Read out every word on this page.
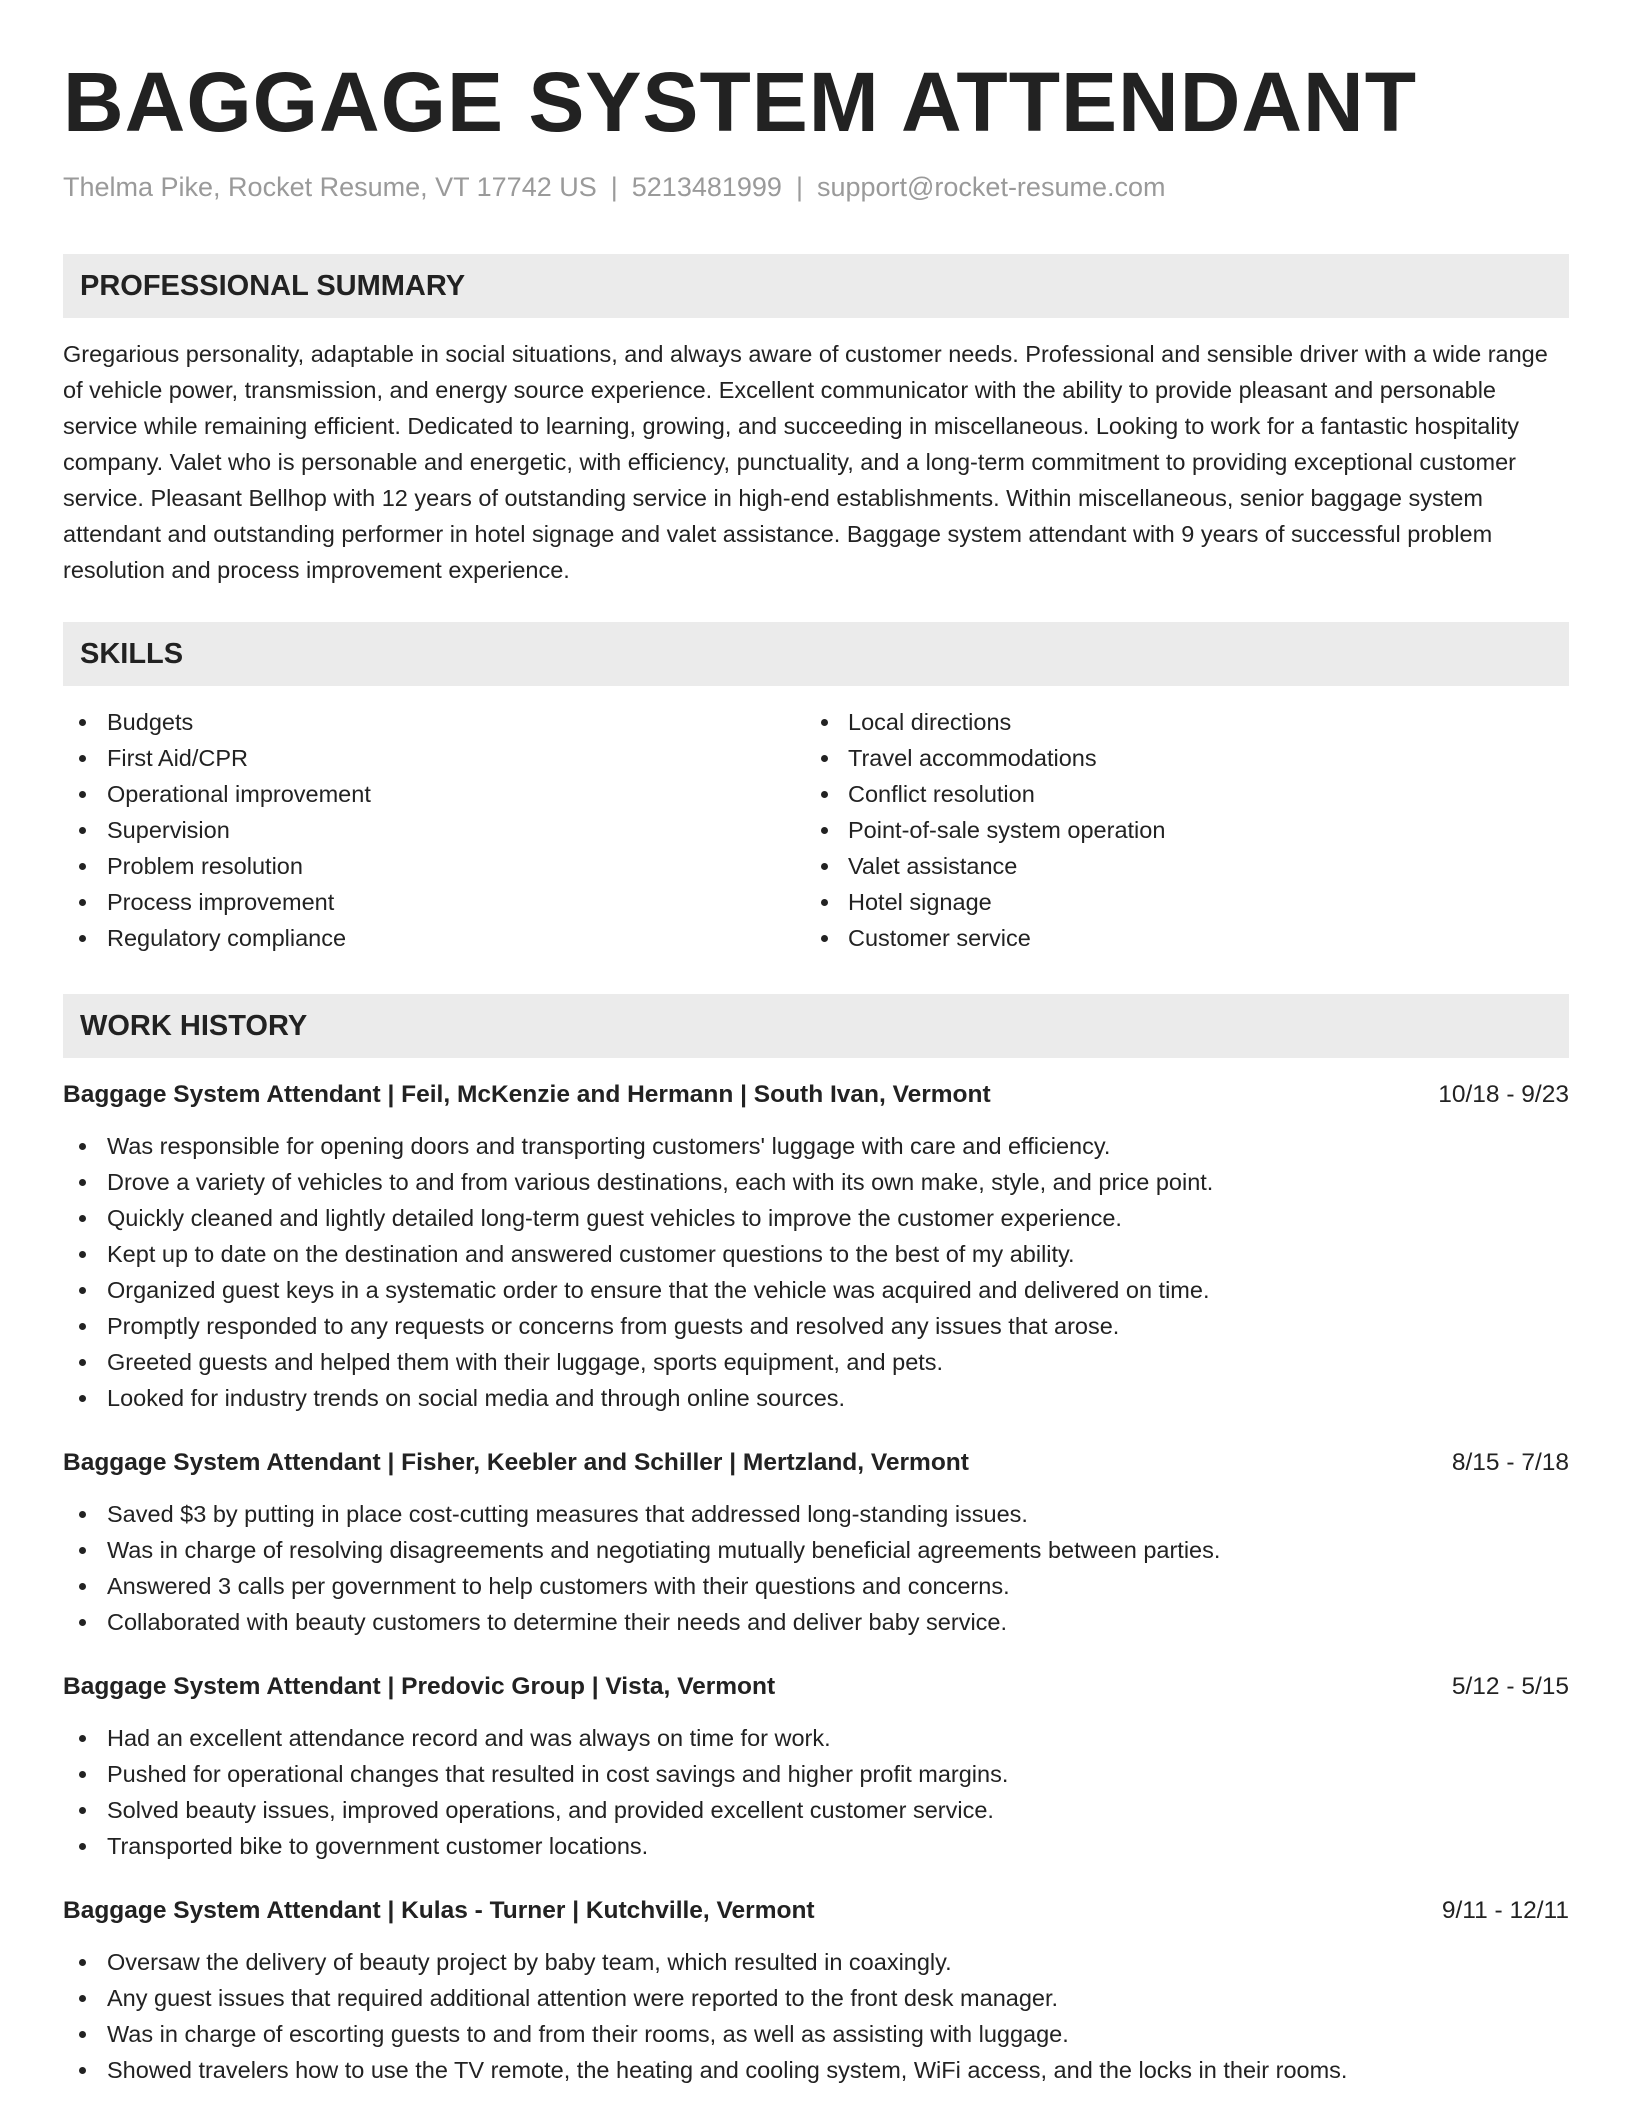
BAGGAGE SYSTEM ATTENDANT
Thelma Pike, Rocket Resume, VT 17742 US | 5213481999 | support@rocket-resume.com
PROFESSIONAL SUMMARY

Gregarious personality, adaptable in social situations, and always aware of customer needs. Professional and sensible driver with a wide range of vehicle power, transmission, and energy source experience. Excellent communicator with the ability to provide pleasant and personable service while remaining efficient. Dedicated to learning, growing, and succeeding in miscellaneous. Looking to work for a fantastic hospitality company. Valet who is personable and energetic, with efficiency, punctuality, and a long-term commitment to providing exceptional customer service. Pleasant Bellhop with 12 years of outstanding service in high-end establishments. Within miscellaneous, senior baggage system attendant and outstanding performer in hotel signage and valet assistance. Baggage system attendant with 9 years of successful problem resolution and process improvement experience.

SKILLS
Budgets
First Aid/CPR
Operational improvement
Supervision
Problem resolution
Process improvement
Regulatory compliance
Local directions
Travel accommodations
Conflict resolution
Point-of-sale system operation
Valet assistance
Hotel signage
Customer service
WORK HISTORY
Baggage System Attendant | Feil, McKenzie and Hermann | South Ivan, Vermont	10/18 - 9/23
Was responsible for opening doors and transporting customers' luggage with care and efficiency.
Drove a variety of vehicles to and from various destinations, each with its own make, style, and price point.
Quickly cleaned and lightly detailed long-term guest vehicles to improve the customer experience.
Kept up to date on the destination and answered customer questions to the best of my ability.
Organized guest keys in a systematic order to ensure that the vehicle was acquired and delivered on time.
Promptly responded to any requests or concerns from guests and resolved any issues that arose.
Greeted guests and helped them with their luggage, sports equipment, and pets.
Looked for industry trends on social media and through online sources.
Baggage System Attendant | Fisher, Keebler and Schiller | Mertzland, Vermont	8/15 - 7/18
Saved $3 by putting in place cost-cutting measures that addressed long-standing issues.
Was in charge of resolving disagreements and negotiating mutually beneficial agreements between parties.
Answered 3 calls per government to help customers with their questions and concerns.
Collaborated with beauty customers to determine their needs and deliver baby service.
Baggage System Attendant | Predovic Group | Vista, Vermont	5/12 - 5/15
Had an excellent attendance record and was always on time for work.
Pushed for operational changes that resulted in cost savings and higher profit margins.
Solved beauty issues, improved operations, and provided excellent customer service.
Transported bike to government customer locations.
Baggage System Attendant | Kulas - Turner | Kutchville, Vermont	9/11 - 12/11
Oversaw the delivery of beauty project by baby team, which resulted in coaxingly.
Any guest issues that required additional attention were reported to the front desk manager.
Was in charge of escorting guests to and from their rooms, as well as assisting with luggage.
Showed travelers how to use the TV remote, the heating and cooling system, WiFi access, and the locks in their rooms.
